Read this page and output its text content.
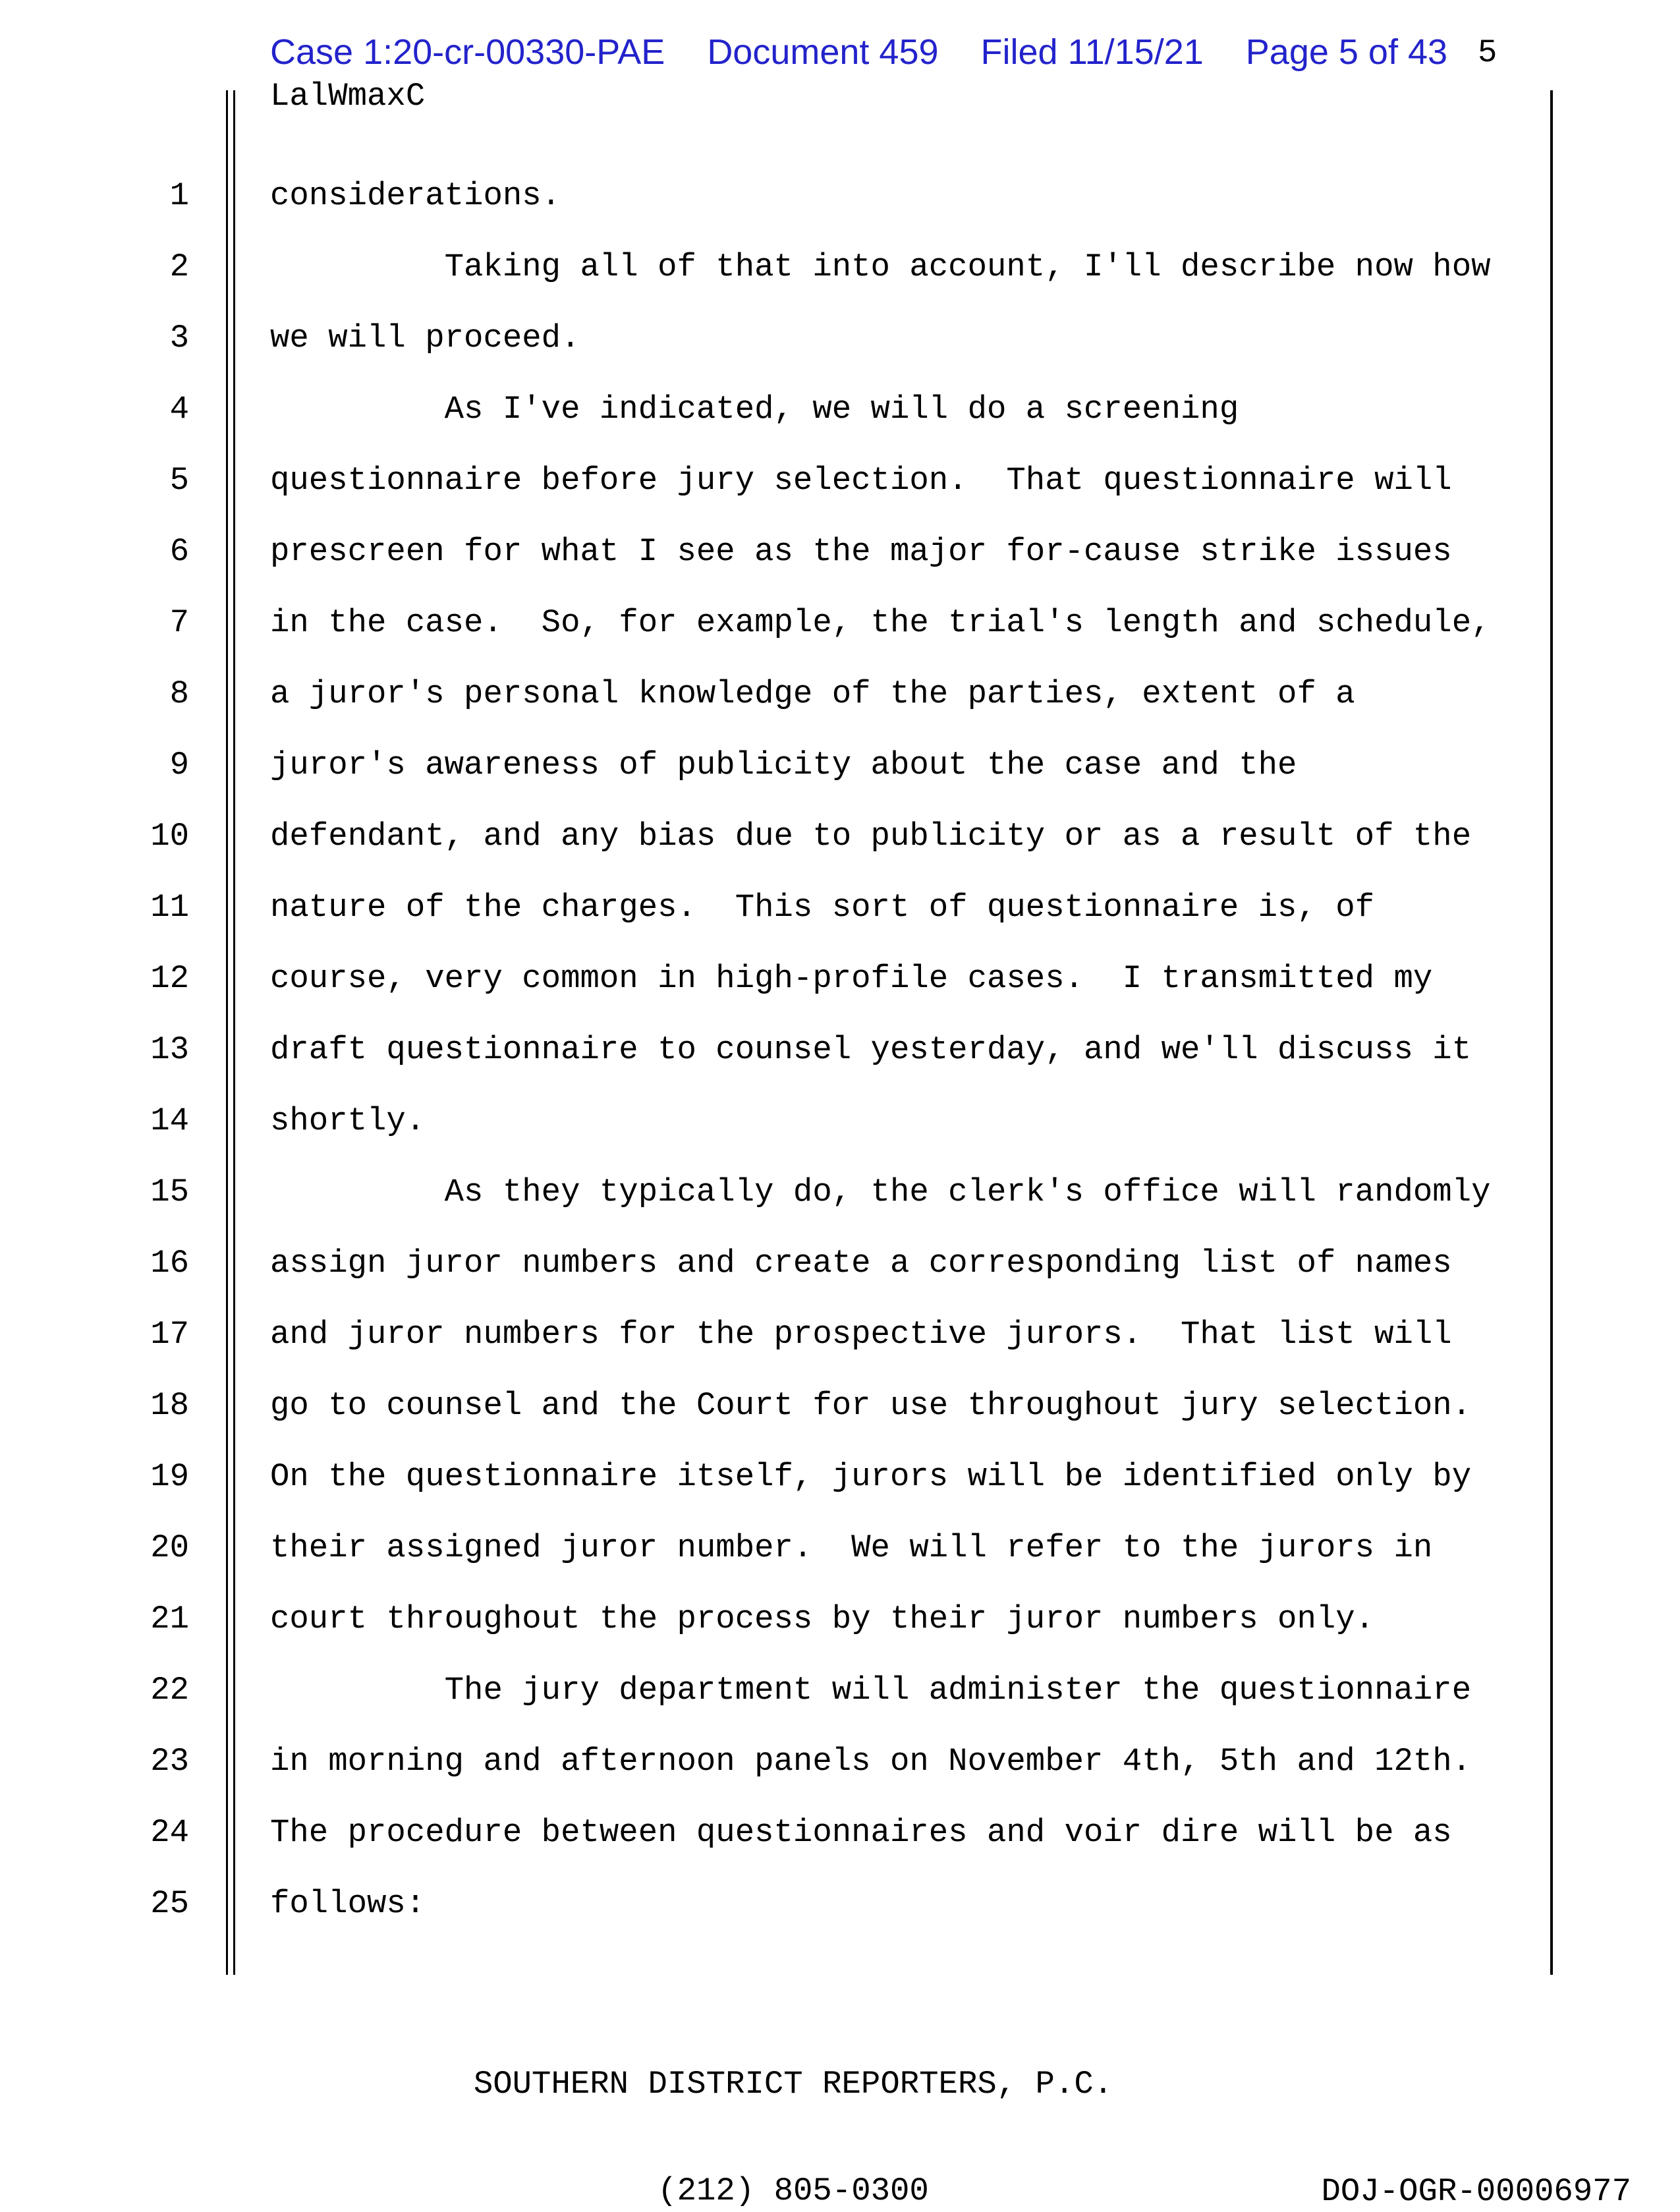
Case 1:20-cr-00330-PAE Document 459 Filed 11/15/21 Page 5 of 43 5
LalWmaxC
1	considerations.
2	Taking all of that into account, I'll describe now how
3	we will proceed.
4	As I've indicated, we will do a screening
5	questionnaire before jury selection.  That questionnaire will
6	prescreen for what I see as the major for-cause strike issues
7	in the case.  So, for example, the trial's length and schedule,
8	a juror's personal knowledge of the parties, extent of a
9	juror's awareness of publicity about the case and the
10	defendant, and any bias due to publicity or as a result of the
11	nature of the charges.  This sort of questionnaire is, of
12	course, very common in high-profile cases.  I transmitted my
13	draft questionnaire to counsel yesterday, and we'll discuss it
14	shortly.
15	As they typically do, the clerk's office will randomly
16	assign juror numbers and create a corresponding list of names
17	and juror numbers for the prospective jurors.  That list will
18	go to counsel and the Court for use throughout jury selection.
19	On the questionnaire itself, jurors will be identified only by
20	their assigned juror number.  We will refer to the jurors in
21	court throughout the process by their juror numbers only.
22	The jury department will administer the questionnaire
23	in morning and afternoon panels on November 4th, 5th and 12th.
24	The procedure between questionnaires and voir dire will be as
25	follows:

SOUTHERN DISTRICT REPORTERS, P.C.

(212) 805-0300

	DOJ-OGR-00006977
